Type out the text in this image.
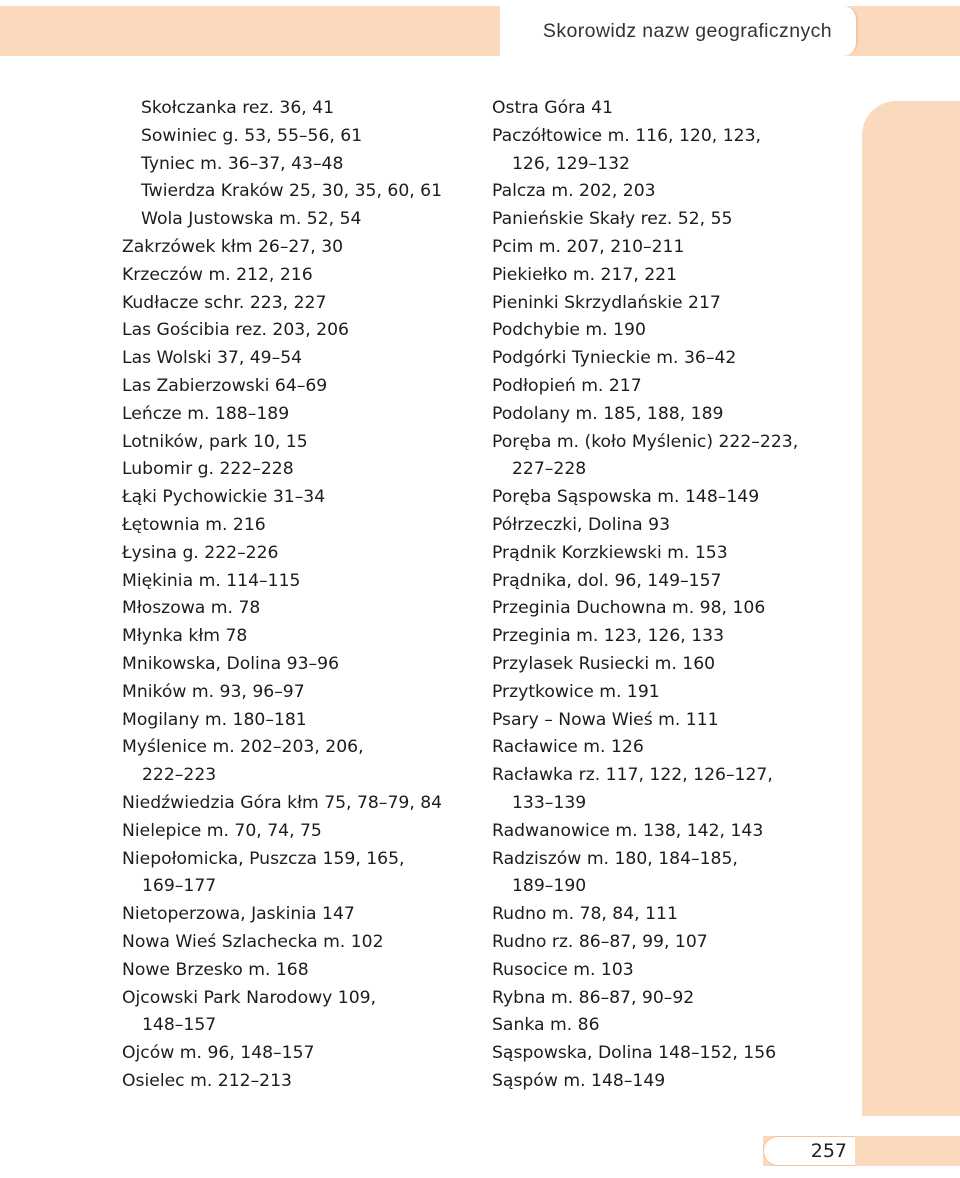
Skorowidz nazw geograficznych
Skołczanka rez. 36, 41
Sowiniec g. 53, 55–56, 61
Tyniec m. 36–37, 43–48
Twierdza Kraków 25, 30, 35, 60, 61
Wola Justowska m. 52, 54
Zakrzówek kłm 26–27, 30
Krzeczów m. 212, 216
Kudłacze schr. 223, 227
Las Gościbia rez. 203, 206
Las Wolski 37, 49–54
Las Zabierzowski 64–69
Leńcze m. 188–189
Lotników, park 10, 15
Lubomir g. 222–228
Łąki Pychowickie 31–34
Łętownia m. 216
Łysina g. 222–226
Miękinia m. 114–115
Młoszowa m. 78
Młynka kłm 78
Mnikowska, Dolina 93–96
Mników m. 93, 96–97
Mogilany m. 180–181
Myślenice m. 202–203, 206,
222–223
Niedźwiedzia Góra kłm 75, 78–79, 84
Nielepice m. 70, 74, 75
Niepołomicka, Puszcza 159, 165,
169–177
Nietoperzowa, Jaskinia 147
Nowa Wieś Szlachecka m. 102
Nowe Brzesko m. 168
Ojcowski Park Narodowy 109,
148–157
Ojców m. 96, 148–157
Osielec m. 212–213
Ostra Góra 41
Paczółtowice m. 116, 120, 123,
126, 129–132
Palcza m. 202, 203
Panieńskie Skały rez. 52, 55
Pcim m. 207, 210–211
Piekiełko m. 217, 221
Pieninki Skrzydlańskie 217
Podchybie m. 190
Podgórki Tynieckie m. 36–42
Podłopień m. 217
Podolany m. 185, 188, 189
Poręba m. (koło Myślenic) 222–223,
227–228
Poręba Sąspowska m. 148–149
Półrzeczki, Dolina 93
Prądnik Korzkiewski m. 153
Prądnika, dol. 96, 149–157
Przeginia Duchowna m. 98, 106
Przeginia m. 123, 126, 133
Przylasek Rusiecki m. 160
Przytkowice m. 191
Psary – Nowa Wieś m. 111
Racławice m. 126
Racławka rz. 117, 122, 126–127,
133–139
Radwanowice m. 138, 142, 143
Radziszów m. 180, 184–185,
189–190
Rudno m. 78, 84, 111
Rudno rz. 86–87, 99, 107
Rusocice m. 103
Rybna m. 86–87, 90–92
Sanka m. 86
Sąspowska, Dolina 148–152, 156
Sąspów m. 148–149
257
